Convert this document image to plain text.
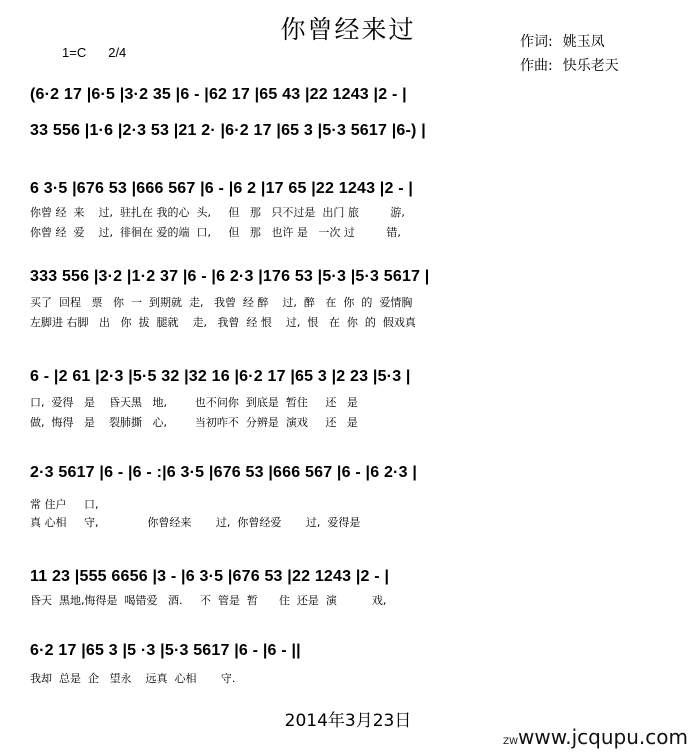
你曾经来过	作词: 姚玉凤
作曲: 快乐老天
1=C 2/4
(6·2 17 |6·5 |3·2 35 |6 - |62 17 |65 43 |22 1243 |2 - |
33 556 |1·6 |2·3 53 |21 2· |6·2 17 |65 3 |5·3 5617 |6-) |
6 3·5 |676 53 |666 567 |6 - |6 2 |17 65 |22 1243 |2 - |
你曾 经  来    过,  驻扎在 我的心  头,     但   那   只不过是  出门 旅         游,
你曾 经  爱    过,  徘徊在 爱的端  口,     但   那   也许 是   一次 过         错,
333 556 |3·2 |1·2 37 |6 - |6 2·3 |176 53 |5·3 |5·3 5617 |
买了  回程   票   你  一  到期就  走,   我曾  经 醉    过,  醉   在  你  的  爱情胸
左脚进 右脚   出   你  拔  腿就    走,   我曾  经 恨    过,  恨   在  你  的  假戏真
6 - |2 61 |2·3 |5·5 32 |32 16 |6·2 17 |65 3 |2 23 |5·3 |
口,  爱得   是    昏天黑   地,        也不问你  到底是  暂住     还   是
做,  悔得   是    裂肺撕   心,        当初咋不  分辨是  演戏     还   是
2·3 5617 |6 - |6 - :|6 3·5 |676 53 |666 567 |6 - |6 2·3 |
常 住户     口,
真 心相     守,              你曾经来       过,  你曾经爱       过,  爱得是
11 23 |555 6656 |3 - |6 3·5 |676 53 |22 1243 |2 - |
昏天  黑地,悔得是  喝错爱   酒.     不  管是  暂      住  还是  演          戏,
6·2 17 |65 3 |5 ·3 |5·3 5617 |6 - |6 - ||
我却  总是  企   望永    远真  心相       守.
2014年3月23日
ZWwww.jcqupu.com
